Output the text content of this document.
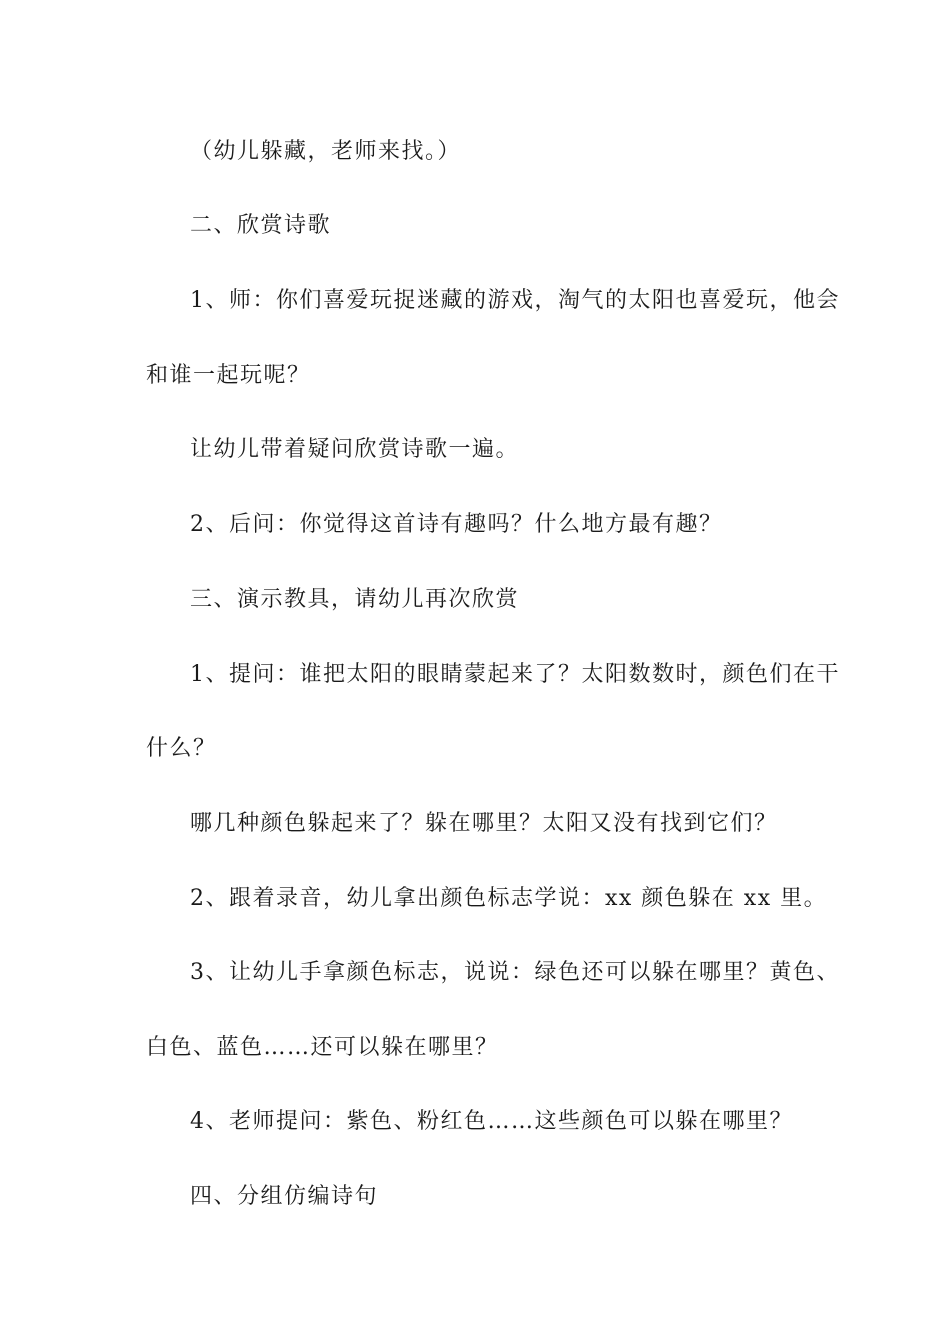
（幼儿躲藏，老师来找。）
二、欣赏诗歌
1、师：你们喜爱玩捉迷藏的游戏，淘气的太阳也喜爱玩，他会
和谁一起玩呢？
让幼儿带着疑问欣赏诗歌一遍。
2、后问：你觉得这首诗有趣吗？什么地方最有趣？
三、演示教具，请幼儿再次欣赏
1、提问：谁把太阳的眼睛蒙起来了？太阳数数时，颜色们在干
什么？
哪几种颜色躲起来了？躲在哪里？太阳又没有找到它们？
2、跟着录音，幼儿拿出颜色标志学说：xx 颜色躲在 xx 里。
3、让幼儿手拿颜色标志，说说：绿色还可以躲在哪里？黄色、
白色、蓝色……还可以躲在哪里？
4、老师提问：紫色、粉红色……这些颜色可以躲在哪里？
四、分组仿编诗句
